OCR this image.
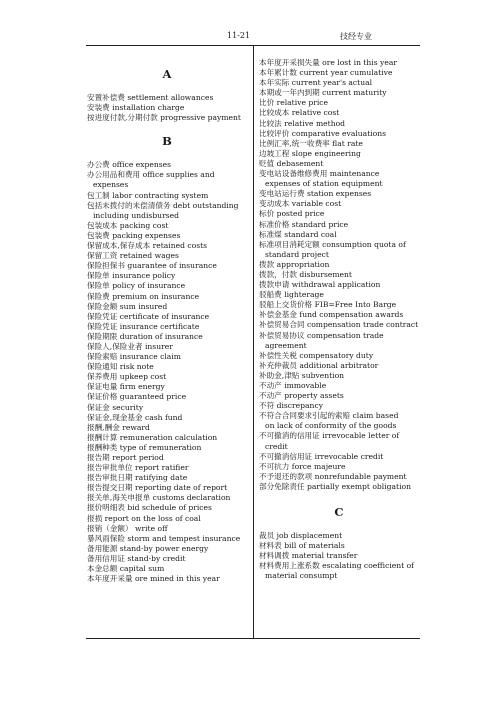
11-21	技经专业
A
安置补偿费 settlement allowances
安装费 installation charge
按进度付款,分期付款 progressive payment
B
办公费 office expenses
办公用品和费用 office supplies and
expenses
包工制 labor contracting system
包括未拨付的未偿清债务 debt outstanding
including undisbursed
包装成本 packing cost
包装费 packing expenses
保留成本,保存成本 retained costs
保留工资 retained wages
保险担保书 guarantee of insurance
保险单 insurance policy
保险单 policy of insurance
保险费 premium on insurance
保险金额 sum insured
保险凭证 certificate of insurance
保险凭证 insurance certificate
保险期限 duration of insurance
保险人,保险业者 insurer
保险索赔 insurance claim
保险通知 risk note
保养费用 upkeep cost
保证电量 firm energy
保证价格 guaranteed price
保证金 security
保证金,现金基金 cash fund
报酬,酬金 reward
报酬计算 remuneration calculation
报酬种类 type of remuneration
报告期 report period
报告审批单位 report ratifier
报告审批日期 ratifying date
报告提交日期 reporting date of report
报关单,海关申报单 customs declaration
报价明细表 bid schedule of prices
报损 report on the loss of coal
报销（金额） write off
暴风雨保险 storm and tempest insurance
备用能源 stand-by power energy
备用信用证 stand-by credit
本金总额 capital sum
本年度开采量 ore mined in this year
本年度开采损失量 ore lost in this year
本年累计数 current year cumulative
本年实际 current year's actual
本期或一年内到期 current maturity
比价 relative price
比较成本 relative cost
比较法 relative method
比较评价 comparative evaluations
比例汇率,统一收费率 flat rate
边坡工程 slope engineering
贬值 debasement
变电站设备维修费用 maintenance
expenses of station equipment
变电站运行费 station expenses
变动成本 variable cost
标价 posted price
标准价格 standard price
标准煤 standard coal
标准项目消耗定额 consumption quota of
standard project
拨款 appropriation
拨款，付款 disbursement
拨款申请 withdrawal application
驳船费 lighterage
驳船上交货价格 FIB=Free Into Barge
补偿金基金 fund compensation awards
补偿贸易合同 compensation trade contract
补偿贸易协议 compensation trade
agreement
补偿性关税 compensatory duty
补充仲裁员 additional arbitrator
补助金,津贴 subvention
不动产 immovable
不动产 property assets
不符 discrepancy
不符合合同要求引起的索赔 claim based
on lack of conformity of the goods
不可撤消的信用证 irrevocable letter of
credit
不可撤消信用证 irrevocable credit
不可抗力 force majeure
不予退还的款项 nonrefundable payment
部分免除责任 partially exempt obligation
C
裁员 job displacement
材料表 bill of materials
材料调拨 material transfer
材料费用上涨系数 escalating coefficient of
material consumpt
